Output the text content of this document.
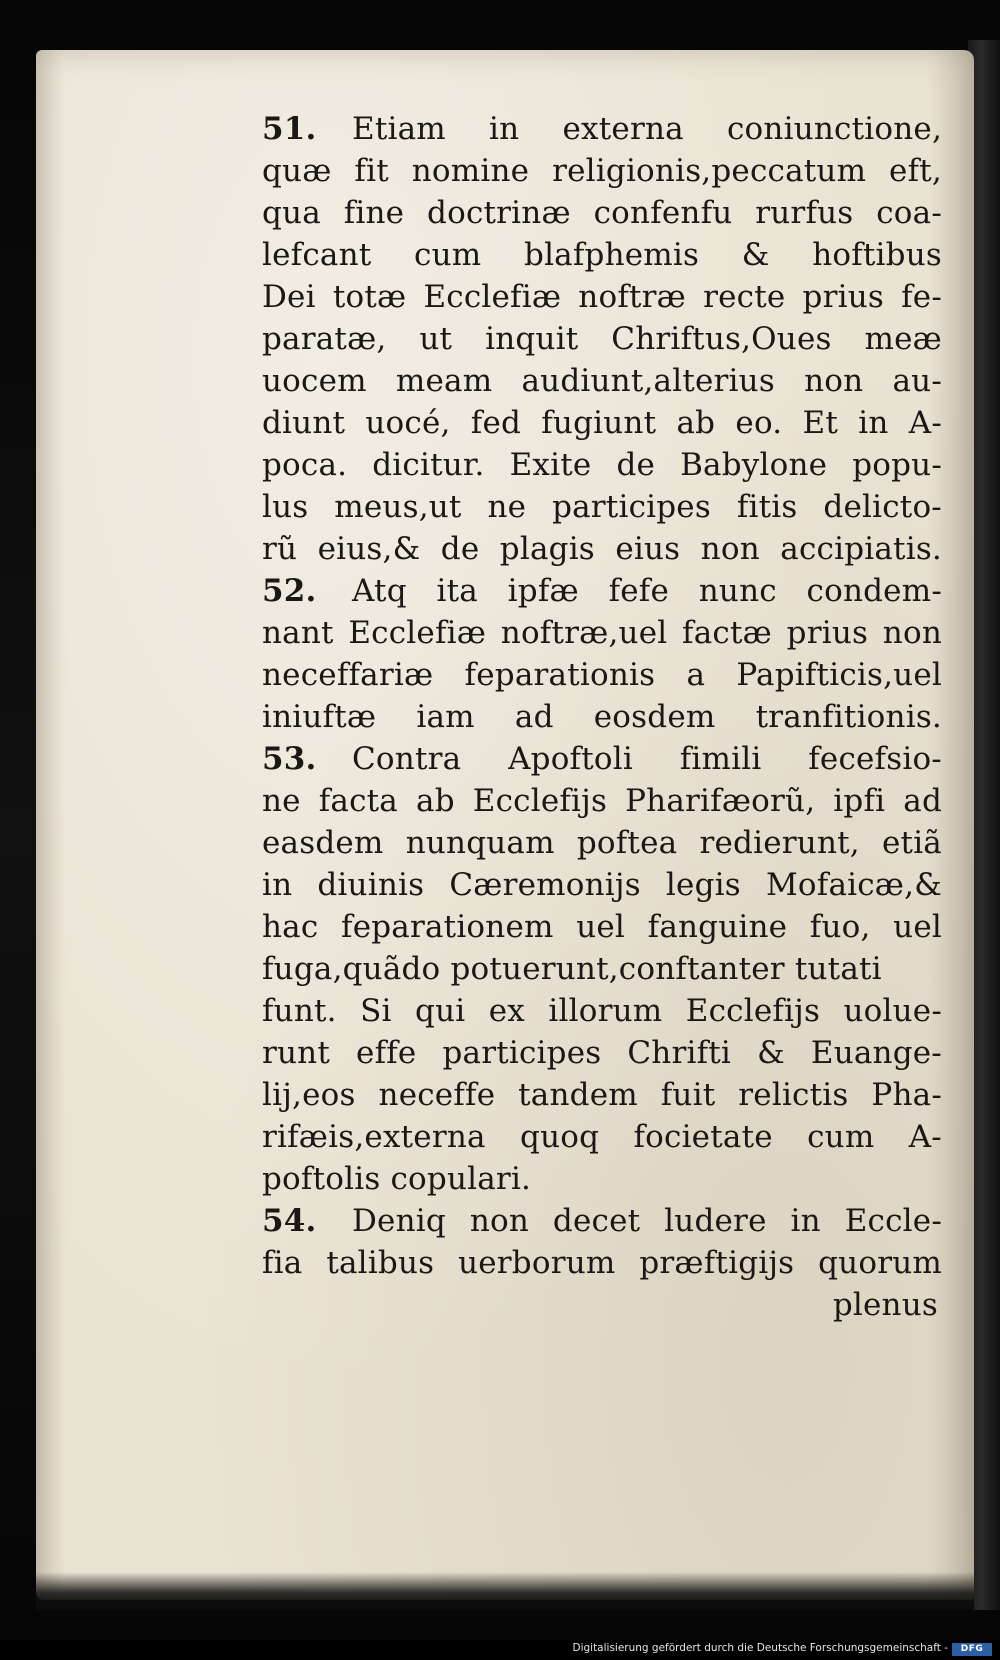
51. Etiam in externa coniunctione,
quæ fit nomine religionis,peccatum eft,
qua fine doctrinæ confenfu rurfus coa-
lefcant cum blafphemis & hoftibus
Dei totæ Ecclefiæ noftræ recte prius fe-
paratæ, ut inquit Chriftus,Oues meæ
uocem meam audiunt,alterius non au-
diunt uocé, fed fugiunt ab eo. Et in A-
poca. dicitur. Exite de Babylone popu-
lus meus,ut ne participes fitis delicto-
rũ eius,& de plagis eius non accipiatis.
52. Atq ita ipfæ fefe nunc condem-
nant Ecclefiæ noftræ,uel factæ prius non
neceffariæ feparationis a Papifticis,uel
iniuftæ iam ad eosdem tranfitionis.
53. Contra Apoftoli fimili fecefsio-
ne facta ab Ecclefijs Pharifæorũ, ipfi ad
easdem nunquam poftea redierunt, etiã
in diuinis Cæremonijs legis Mofaicæ,&
hac feparationem uel fanguine fuo, uel
fuga,quãdo potuerunt,conftanter tutati
funt. Si qui ex illorum Ecclefijs uolue-
runt effe participes Chrifti & Euange-
lij,eos neceffe tandem fuit relictis Pha-
rifæis,externa quoq focietate cum A-
poftolis copulari.
54. Deniq non decet ludere in Eccle-
fia talibus uerborum præftigijs quorum
plenus
Digitalisierung gefördert durch die Deutsche Forschungsgemeinschaft -	DFG
